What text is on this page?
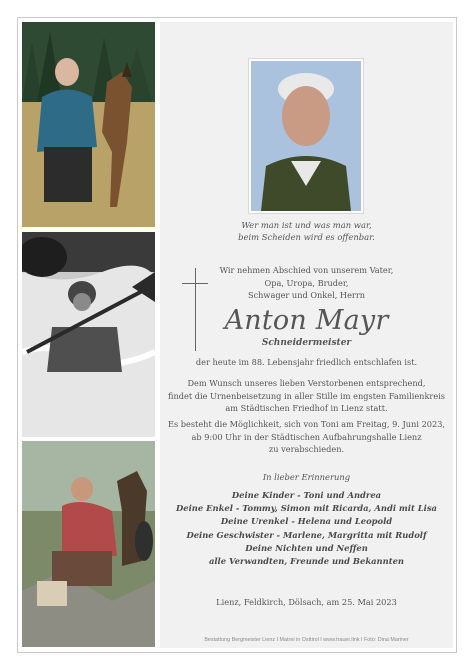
Wer man ist und was man war,
beim Scheiden wird es offenbar.
Wir nehmen Abschied von unserem Vater,
Opa, Uropa, Bruder,
Schwager und Onkel, Herrn
Anton Mayr
Schneidermeister
der heute im 88. Lebensjahr friedlich entschlafen ist.
Dem Wunsch unseres lieben Verstorbenen entsprechend,
findet die Urnenbeisetzung in aller Stille im engsten Familienkreis
am Städtischen Friedhof in Lienz statt.
Es besteht die Möglichkeit, sich von Toni am Freitag, 9. Juni 2023,
ab 9:00 Uhr in der Städtischen Aufbahrungshalle Lienz
zu verabschieden.
In lieber Erinnerung
Deine Kinder - Toni und Andrea
Deine Enkel - Tommy, Simon mit Ricarda, Andi mit Lisa
Deine Urenkel - Helena und Leopold
Deine Geschwister - Marlene, Margritta mit Rudolf
Deine Nichten und Neffen
alle Verwandten, Freunde und Bekannten
Lienz, Feldkirch, Dölsach, am 25. Mai 2023
Bestattung Bergmeister Lienz I Matrei in Osttirol I www.trauer.link I Foto: Dina Mariner
